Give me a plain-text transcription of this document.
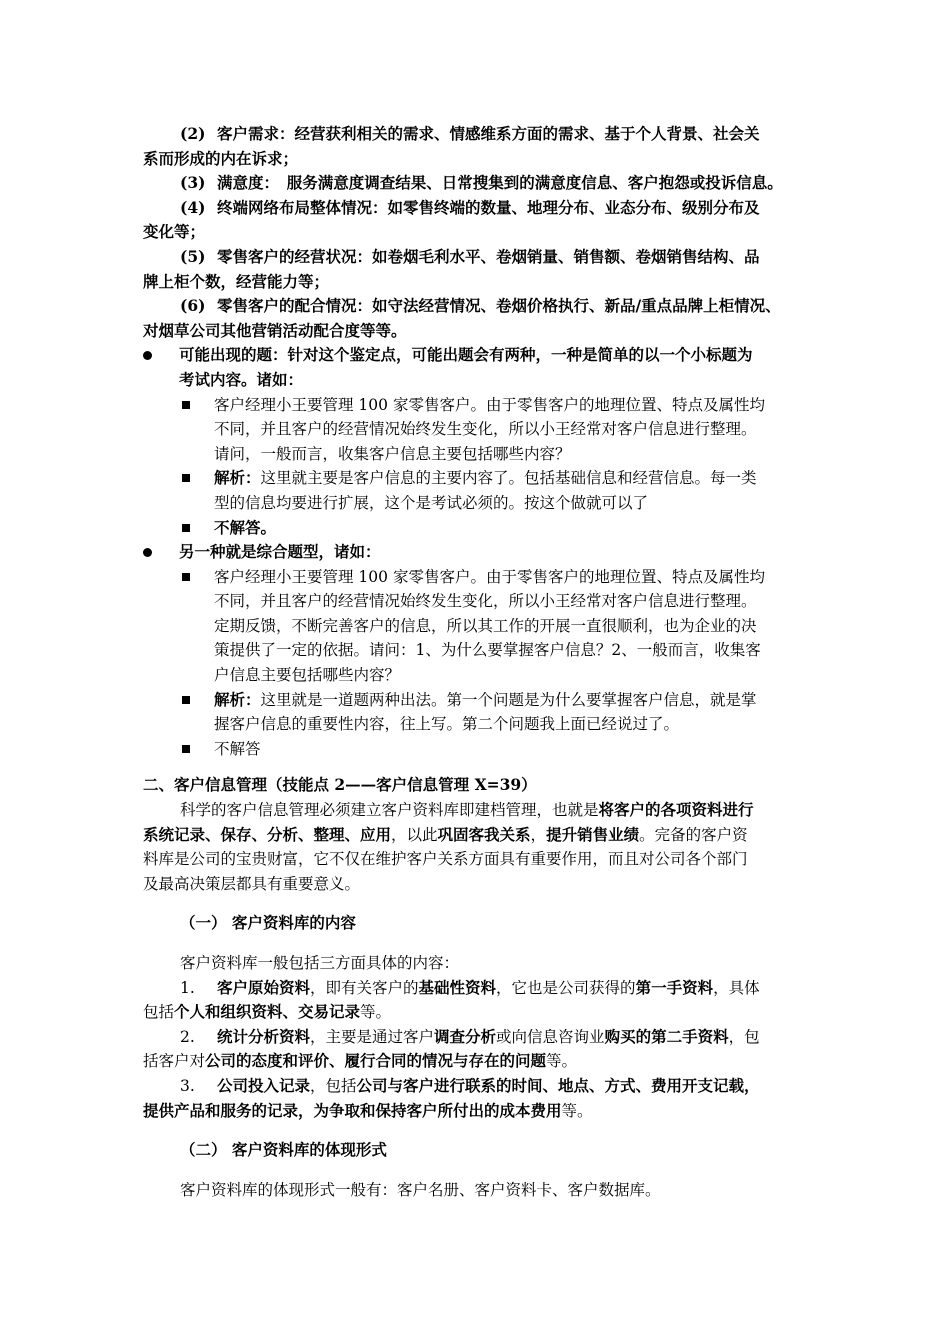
(2) 客户需求：经营获利相关的需求、情感维系方面的需求、基于个人背景、社会关
系而形成的内在诉求；
(3) 满意度：　服务满意度调查结果、日常搜集到的满意度信息、客户抱怨或投诉信息。
(4) 终端网络布局整体情况：如零售终端的数量、地理分布、业态分布、级别分布及
变化等；
(5) 零售客户的经营状况：如卷烟毛利水平、卷烟销量、销售额、卷烟销售结构、品
牌上柜个数，经营能力等；
(6) 零售客户的配合情况：如守法经营情况、卷烟价格执行、新品/重点品牌上柜情况、
对烟草公司其他营销活动配合度等等。
可能出现的题：针对这个鉴定点，可能出题会有两种，一种是简单的以一个小标题为
考试内容。诸如：
客户经理小王要管理 100 家零售客户。由于零售客户的地理位置、特点及属性均
不同，并且客户的经营情况始终发生变化，所以小王经常对客户信息进行整理。
请问，一般而言，收集客户信息主要包括哪些内容？
解析：这里就主要是客户信息的主要内容了。包括基础信息和经营信息。每一类
型的信息均要进行扩展，这个是考试必须的。按这个做就可以了
不解答。
另一种就是综合题型，诸如：
客户经理小王要管理 100 家零售客户。由于零售客户的地理位置、特点及属性均
不同，并且客户的经营情况始终发生变化，所以小王经常对客户信息进行整理。
定期反馈，不断完善客户的信息，所以其工作的开展一直很顺利，也为企业的决
策提供了一定的依据。请问：1、为什么要掌握客户信息？2、一般而言，收集客
户信息主要包括哪些内容？
解析：这里就是一道题两种出法。第一个问题是为什么要掌握客户信息，就是掌
握客户信息的重要性内容，往上写。第二个问题我上面已经说过了。
不解答
二、客户信息管理（技能点 2——客户信息管理 X=39）
科学的客户信息管理必须建立客户资料库即建档管理，也就是将客户的各项资料进行
系统记录、保存、分析、整理、应用，以此巩固客我关系，提升销售业绩。完备的客户资
料库是公司的宝贵财富，它不仅在维护客户关系方面具有重要作用，而且对公司各个部门
及最高决策层都具有重要意义。
（一） 客户资料库的内容
客户资料库一般包括三方面具体的内容：
1. 客户原始资料，即有关客户的基础性资料，它也是公司获得的第一手资料，具体
包括个人和组织资料、交易记录等。
2. 统计分析资料，主要是通过客户调查分析或向信息咨询业购买的第二手资料，包
括客户对公司的态度和评价、履行合同的情况与存在的问题等。
3. 公司投入记录，包括公司与客户进行联系的时间、地点、方式、费用开支记载，
提供产品和服务的记录，为争取和保持客户所付出的成本费用等。
（二） 客户资料库的体现形式
客户资料库的体现形式一般有：客户名册、客户资料卡、客户数据库。
